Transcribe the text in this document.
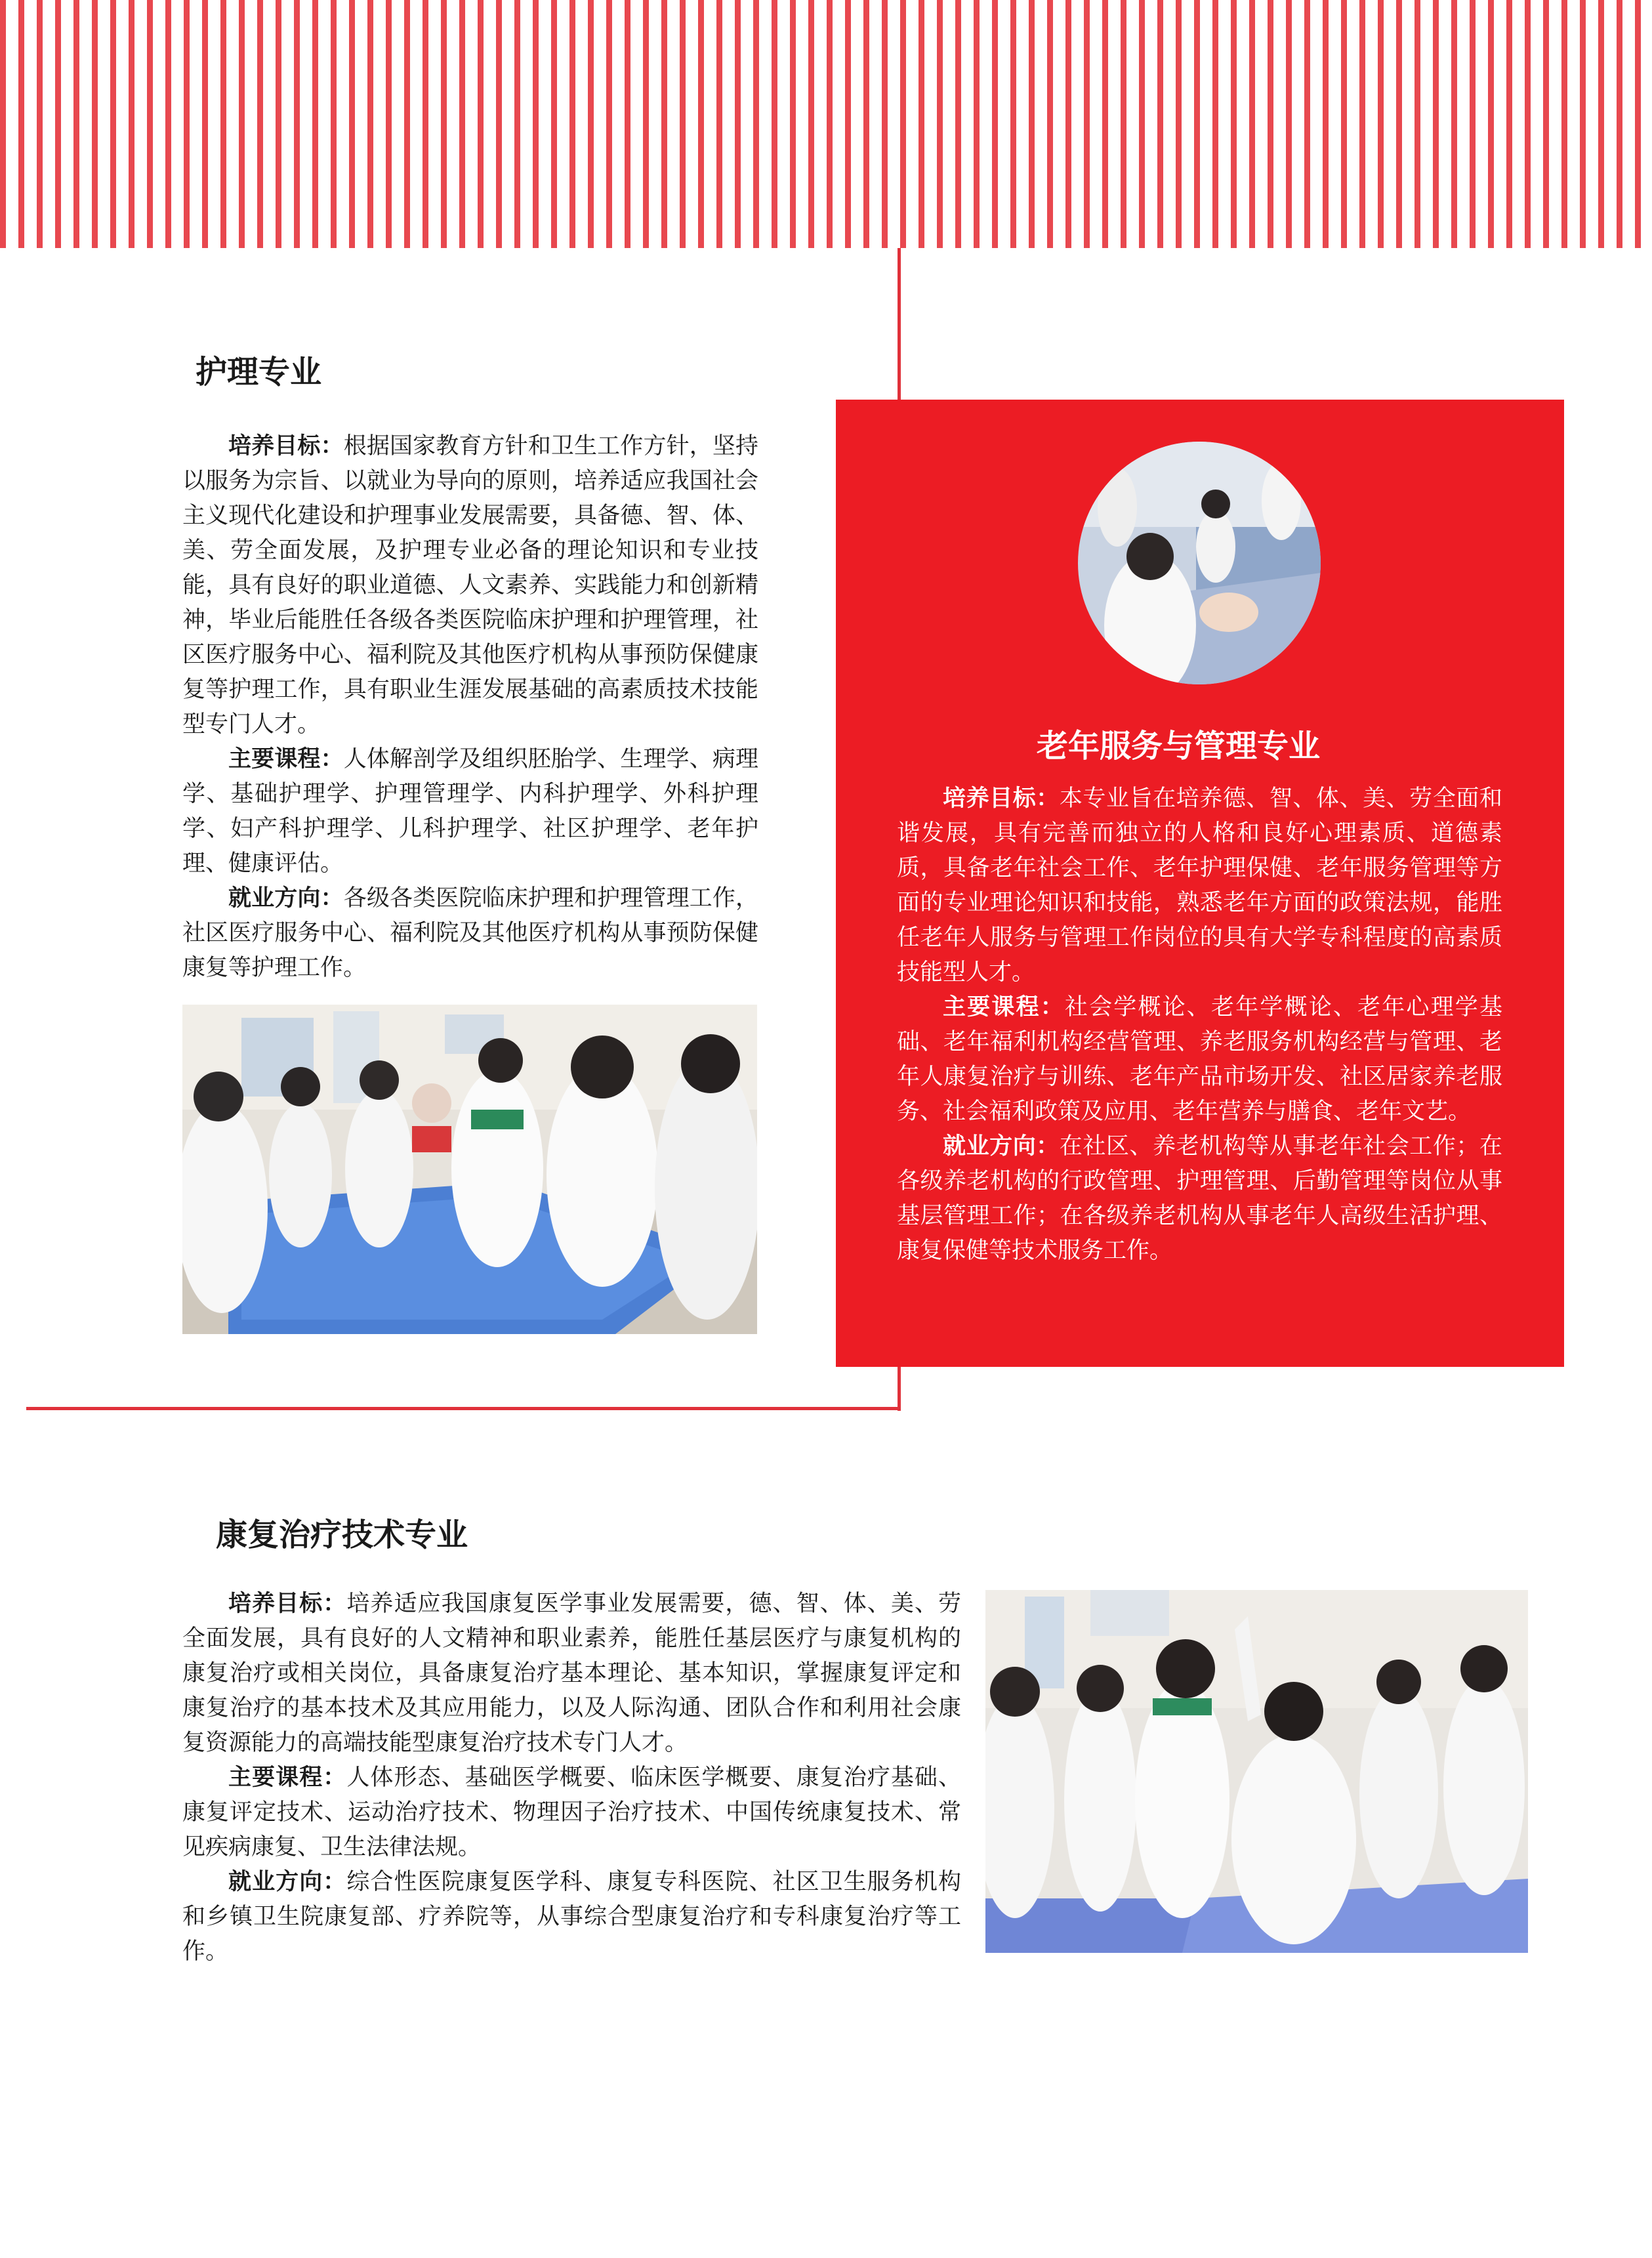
护理专业

培养目标：根据国家教育方针和卫生工作方针，坚持以服务为宗旨、以就业为导向的原则，培养适应我国社会主义现代化建设和护理事业发展需要，具备德、智、体、美、劳全面发展，及护理专业必备的理论知识和专业技能，具有良好的职业道德、人文素养、实践能力和创新精神，毕业后能胜任各级各类医院临床护理和护理管理，社区医疗服务中心、福利院及其他医疗机构从事预防保健康复等护理工作，具有职业生涯发展基础的高素质技术技能型专门人才。

主要课程：人体解剖学及组织胚胎学、生理学、病理学、基础护理学、护理管理学、内科护理学、外科护理学、妇产科护理学、儿科护理学、社区护理学、老年护理、健康评估。

就业方向：各级各类医院临床护理和护理管理工作，社区医疗服务中心、福利院及其他医疗机构从事预防保健康复等护理工作。

老年服务与管理专业

培养目标：本专业旨在培养德、智、体、美、劳全面和谐发展，具有完善而独立的人格和良好心理素质、道德素质，具备老年社会工作、老年护理保健、老年服务管理等方面的专业理论知识和技能，熟悉老年方面的政策法规，能胜任老年人服务与管理工作岗位的具有大学专科程度的高素质技能型人才。

主要课程：社会学概论、老年学概论、老年心理学基础、老年福利机构经营管理、养老服务机构经营与管理、老年人康复治疗与训练、老年产品市场开发、社区居家养老服务、社会福利政策及应用、老年营养与膳食、老年文艺。

就业方向：在社区、养老机构等从事老年社会工作；在各级养老机构的行政管理、护理管理、后勤管理等岗位从事基层管理工作；在各级养老机构从事老年人高级生活护理、康复保健等技术服务工作。

康复治疗技术专业

培养目标：培养适应我国康复医学事业发展需要，德、智、体、美、劳全面发展，具有良好的人文精神和职业素养，能胜任基层医疗与康复机构的康复治疗或相关岗位，具备康复治疗基本理论、基本知识，掌握康复评定和康复治疗的基本技术及其应用能力，以及人际沟通、团队合作和利用社会康复资源能力的高端技能型康复治疗技术专门人才。

主要课程：人体形态、基础医学概要、临床医学概要、康复治疗基础、康复评定技术、运动治疗技术、物理因子治疗技术、中国传统康复技术、常见疾病康复、卫生法律法规。

就业方向：综合性医院康复医学科、康复专科医院、社区卫生服务机构和乡镇卫生院康复部、疗养院等，从事综合型康复治疗和专科康复治疗等工作。
